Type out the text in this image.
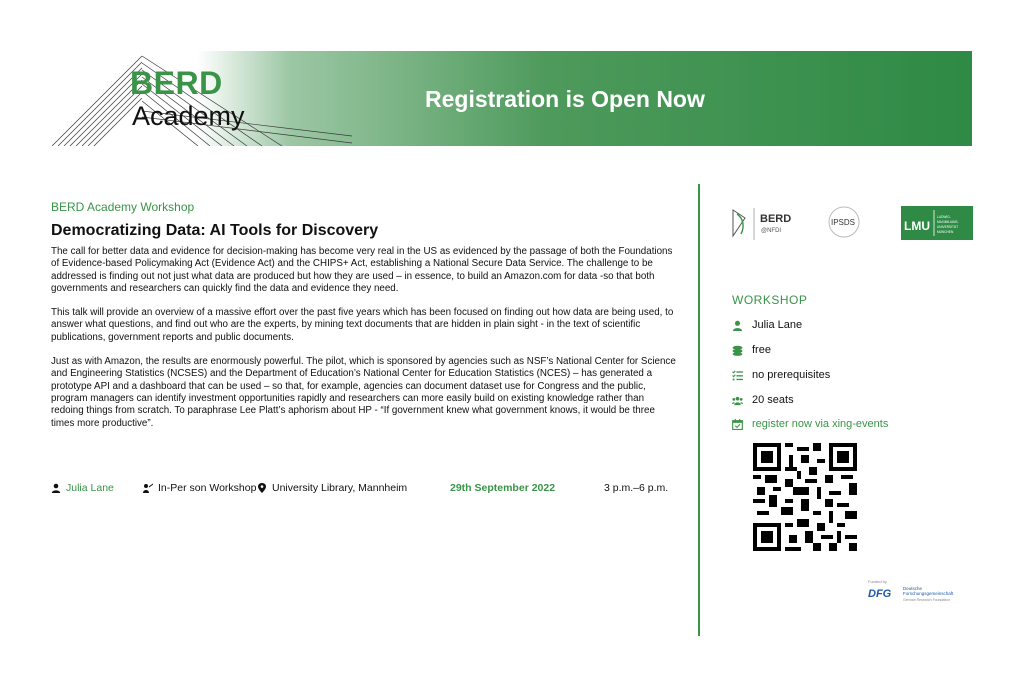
BERD
Academy
Registration is Open Now
BERD Academy Workshop
Democratizing Data: AI Tools for Discovery

The call for better data and evidence for decision-making has become very real in the US as evidenced by the passage of both the Foundations of Evidence-based Policymaking Act (Evidence Act) and the CHIPS+ Act, establishing a National Secure Data Service. The challenge to be addressed is finding out not just what data are produced but how they are used – in essence, to build an Amazon.com for data -so that both governments and researchers can quickly find the data and evidence they need.

This talk will provide an overview of a massive effort over the past five years which has been focused on finding out how data are being used, to answer what questions, and find out who are the experts, by mining text documents that are hidden in plain sight - in the text of scientific publications, government reports and public documents.

Just as with Amazon, the results are enormously powerful. The pilot, which is sponsored by agencies such as NSF’s National Center for Science and Engineering Statistics (NCSES) and the Department of Education’s National Center for Education Statistics (NCES) – has generated a prototype API and a dashboard that can be used – so that, for example, agencies can document dataset use for Congress and the public, program managers can identify investment opportunities rapidly and researchers can more easily build on existing knowledge rather than redoing things from scratch. To paraphrase Lee Platt’s aphorism about HP - “If government knew what government knows, it would be three times more productive”.

Julia Lane	In-Per son Workshop University Library, Mannheim	29th September 2022	3 p.m.–6 p.m.
BERD
@NFDI
IPSDS	LMU
LUDWIG-
MAXIMILIANS-
UNIVERSITÄT
MÜNCHEN
WORKSHOP
Julia Lane
free
no prerequisites
20 seats
register now via xing-events
Funded by
DFG	Deutsche
Forschungsgemeinschaft
German Research Foundation
